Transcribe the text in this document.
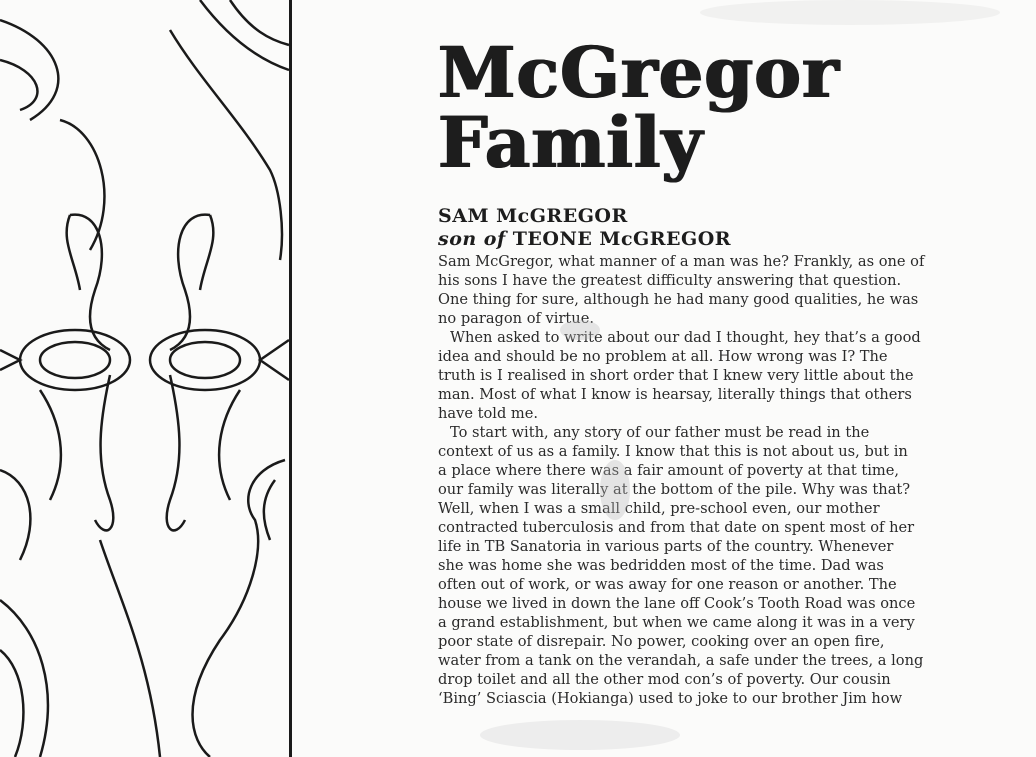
McGregor
Family
SAM McGREGOR
son of TEONE McGREGOR
Sam McGregor, what manner of a man was he? Frankly, as one of
his sons I have the greatest difficulty answering that question.
One thing for sure, although he had many good qualities, he was
no paragon of virtue.
When asked to write about our dad I thought, hey that’s a good
idea and should be no problem at all. How wrong was I? The
truth is I realised in short order that I knew very little about the
man. Most of what I know is hearsay, literally things that others
have told me.
To start with, any story of our father must be read in the
context of us as a family. I know that this is not about us, but in
a place where there was a fair amount of poverty at that time,
our family was literally at the bottom of the pile. Why was that?
Well, when I was a small child, pre-school even, our mother
contracted tuberculosis and from that date on spent most of her
life in TB Sanatoria in various parts of the country. Whenever
she was home she was bedridden most of the time. Dad was
often out of work, or was away for one reason or another. The
house we lived in down the lane off Cook’s Tooth Road was once
a grand establishment, but when we came along it was in a very
poor state of disrepair. No power, cooking over an open fire,
water from a tank on the verandah, a safe under the trees, a long
drop toilet and all the other mod con’s of poverty. Our cousin
‘Bing’ Sciascia (Hokianga) used to joke to our brother Jim how
